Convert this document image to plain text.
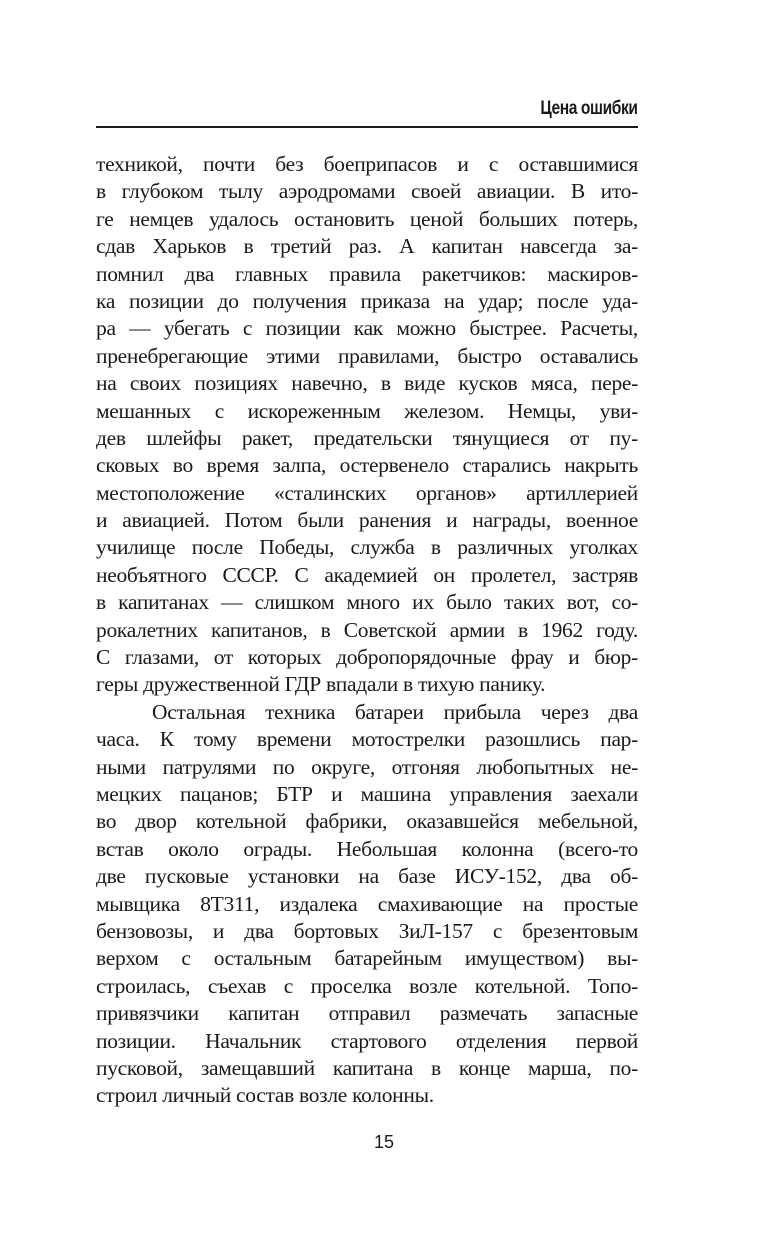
Цена ошибки
техникой, почти без боеприпасов и с оставшимися
в глубоком тылу аэродромами своей авиации. В ито-
ге немцев удалось остановить ценой больших потерь,
сдав Харьков в третий раз. А капитан навсегда за-
помнил два главных правила ракетчиков: маскиров-
ка позиции до получения приказа на удар; после уда-
ра — убегать с позиции как можно быстрее. Расчеты,
пренебрегающие этими правилами, быстро оставались
на своих позициях навечно, в виде кусков мяса, пере-
мешанных с искореженным железом. Немцы, уви-
дев шлейфы ракет, предательски тянущиеся от пу-
сковых во время залпа, остервенело старались накрыть
местоположение «сталинских органов» артиллерией
и авиацией. Потом были ранения и награды, военное
училище после Победы, служба в различных уголках
необъятного СССР. С академией он пролетел, застряв
в капитанах — слишком много их было таких вот, со-
рокалетних капитанов, в Советской армии в 1962 году.
С глазами, от которых добропорядочные фрау и бюр-
геры дружественной ГДР впадали в тихую панику.
Остальная техника батареи прибыла через два
часа. К тому времени мотострелки разошлись пар-
ными патрулями по округе, отгоняя любопытных не-
мецких пацанов; БТР и машина управления заехали
во двор котельной фабрики, оказавшейся мебельной,
встав около ограды. Небольшая колонна (всего-то
две пусковые установки на базе ИСУ-152, два об-
мывщика 8Т311, издалека смахивающие на простые
бензовозы, и два бортовых ЗиЛ-157 с брезентовым
верхом с остальным батарейным имуществом) вы-
строилась, съехав с проселка возле котельной. Топо-
привязчики капитан отправил размечать запасные
позиции. Начальник стартового отделения первой
пусковой, замещавший капитана в конце марша, по-
строил личный состав возле колонны.
15
